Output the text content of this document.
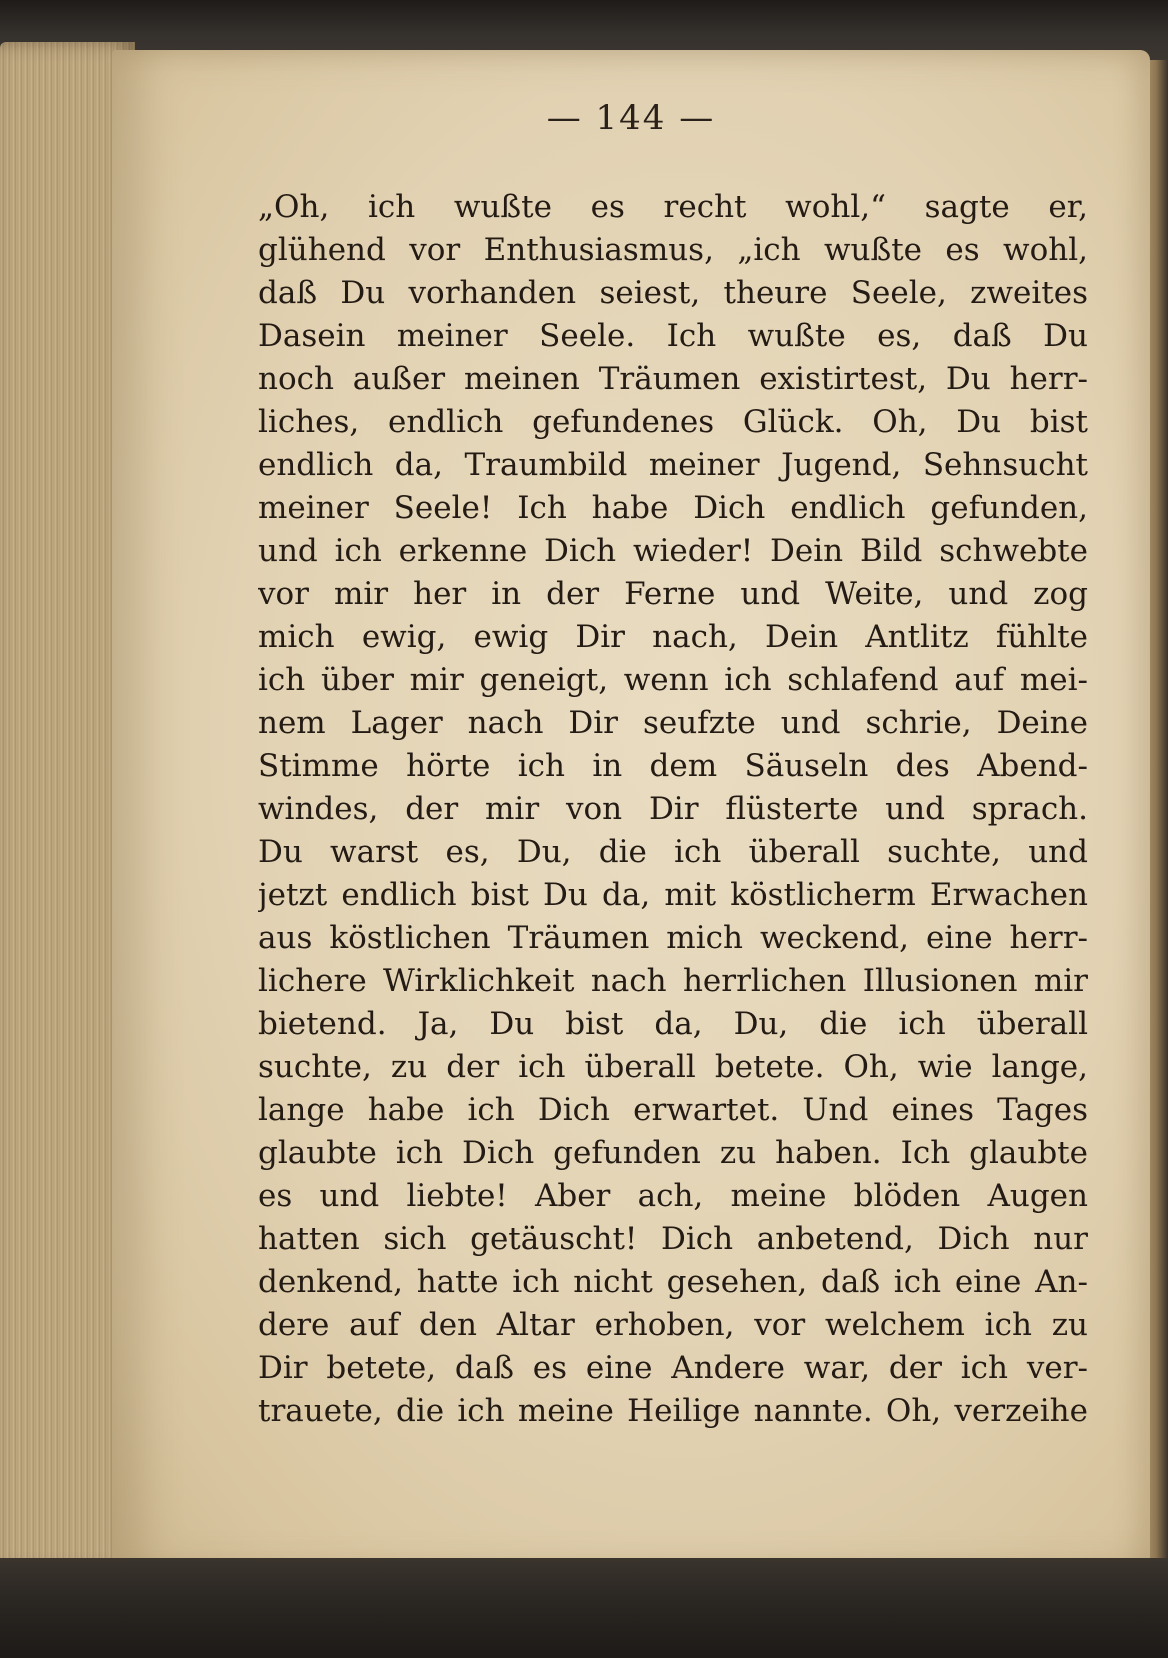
— 144 —
„Oh, ich wußte es recht wohl,“ sagte er,
glühend vor Enthusiasmus, „ich wußte es wohl,
daß Du vorhanden seiest, theure Seele, zweites
Dasein meiner Seele. Ich wußte es, daß Du
noch außer meinen Träumen existirtest, Du herr-
liches, endlich gefundenes Glück. Oh, Du bist
endlich da, Traumbild meiner Jugend, Sehnsucht
meiner Seele! Ich habe Dich endlich gefunden,
und ich erkenne Dich wieder! Dein Bild schwebte
vor mir her in der Ferne und Weite, und zog
mich ewig, ewig Dir nach, Dein Antlitz fühlte
ich über mir geneigt, wenn ich schlafend auf mei-
nem Lager nach Dir seufzte und schrie, Deine
Stimme hörte ich in dem Säuseln des Abend-
windes, der mir von Dir flüsterte und sprach.
Du warst es, Du, die ich überall suchte, und
jetzt endlich bist Du da, mit köstlicherm Erwachen
aus köstlichen Träumen mich weckend, eine herr-
lichere Wirklichkeit nach herrlichen Illusionen mir
bietend. Ja, Du bist da, Du, die ich überall
suchte, zu der ich überall betete. Oh, wie lange,
lange habe ich Dich erwartet. Und eines Tages
glaubte ich Dich gefunden zu haben. Ich glaubte
es und liebte! Aber ach, meine blöden Augen
hatten sich getäuscht! Dich anbetend, Dich nur
denkend, hatte ich nicht gesehen, daß ich eine An-
dere auf den Altar erhoben, vor welchem ich zu
Dir betete, daß es eine Andere war, der ich ver-
trauete, die ich meine Heilige nannte. Oh, verzeihe
